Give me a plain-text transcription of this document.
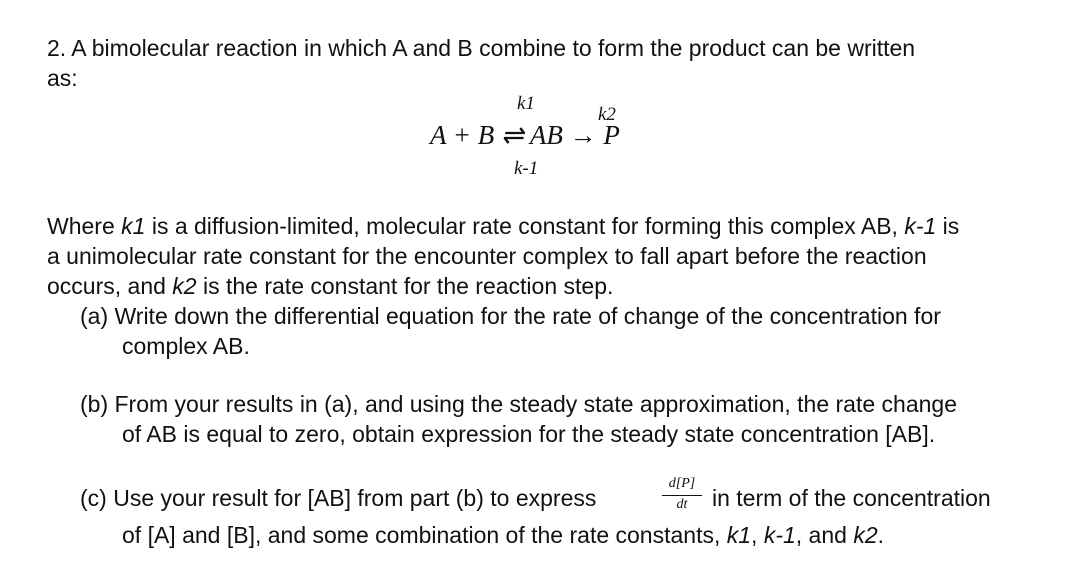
2. A bimolecular reaction in which A and B combine to form the product can be written
as:
k1
k2
A + B ⇌ AB → P
k-1
Where k1 is a diffusion-limited, molecular rate constant for forming this complex AB, k-1 is
a unimolecular rate constant for the encounter complex to fall apart before the reaction
occurs, and k2 is the rate constant for the reaction step.
(a) Write down the differential equation for the rate of change of the concentration for
complex AB.
(b) From your results in (a), and using the steady state approximation, the rate change
of AB is equal to zero, obtain expression for the steady state concentration [AB].
(c) Use your result for [AB] from part (b) to express
d[P]
dt	in term of the concentration
of [A] and [B], and some combination of the rate constants, k1, k-1, and k2.
